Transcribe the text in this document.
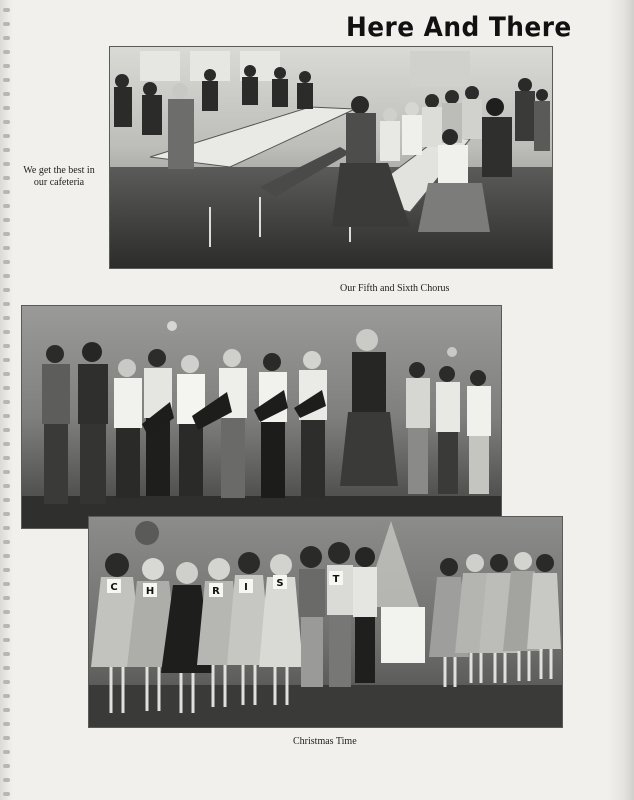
Here And There
We get the best in our cafeteria
Our Fifth and Sixth Chorus
C	H	R I	S	T
Christmas Time
